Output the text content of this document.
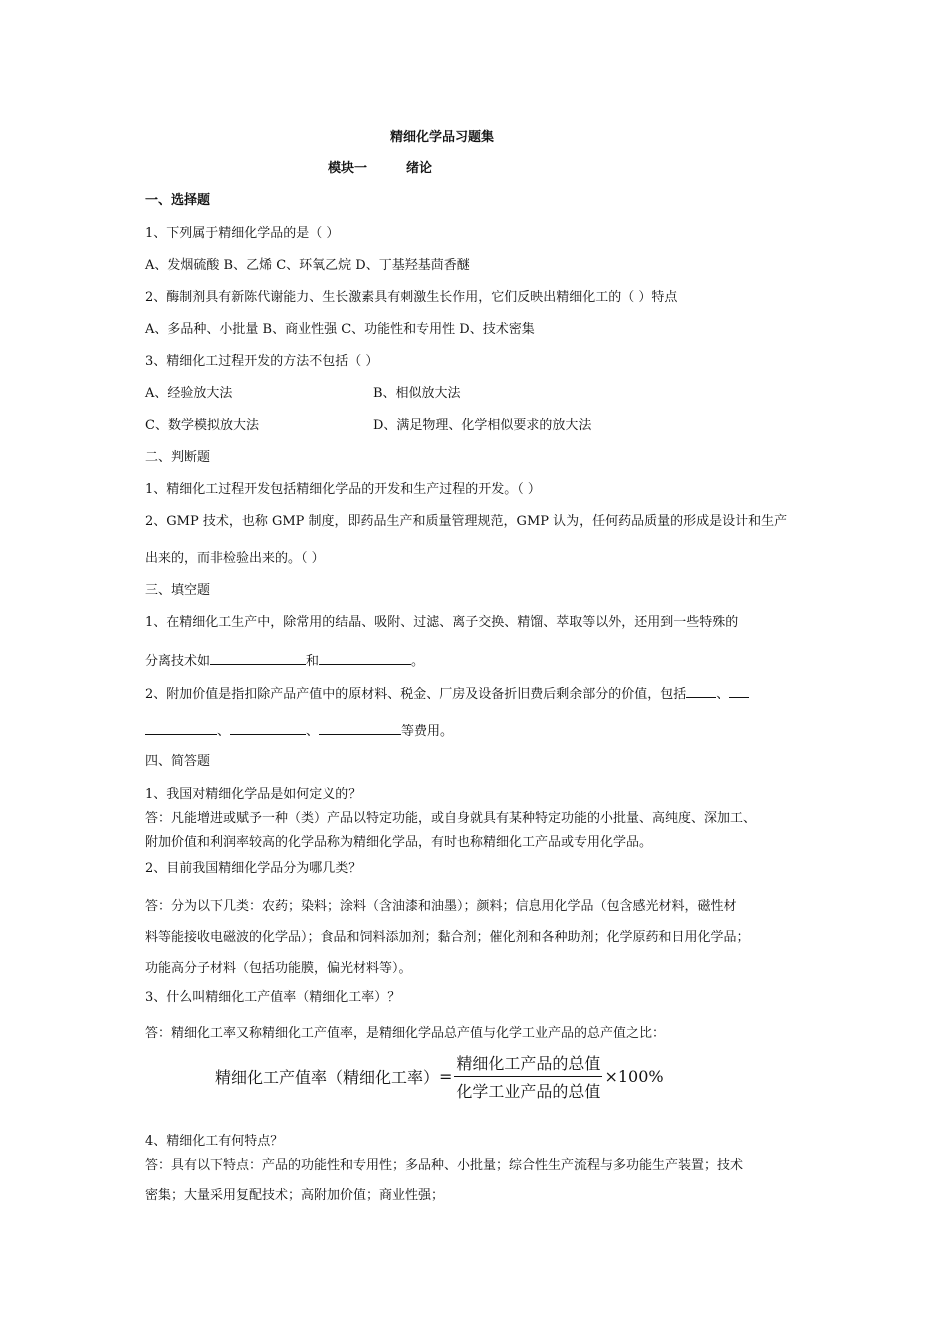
精细化学品习题集
模块一	绪论
一、选择题
1、下列属于精细化学品的是（ ）
A、发烟硫酸 B、乙烯 C、环氧乙烷 D、丁基羟基茴香醚
2、酶制剂具有新陈代谢能力、生长激素具有刺激生长作用，它们反映出精细化工的（ ）特点
A、多品种、小批量 B、商业性强 C、功能性和专用性 D、技术密集
3、精细化工过程开发的方法不包括（ ）
A、经验放大法	B、相似放大法
C、数学模拟放大法	D、满足物理、化学相似要求的放大法
二、判断题
1、精细化工过程开发包括精细化学品的开发和生产过程的开发。（ ）
2、GMP 技术，也称 GMP 制度，即药品生产和质量管理规范，GMP 认为，任何药品质量的形成是设计和生产
出来的，而非检验出来的。（ ）
三、填空题
1、在精细化工生产中，除常用的结晶、吸附、过滤、离子交换、精馏、萃取等以外，还用到一些特殊的
分离技术如	和	。
2、附加价值是指扣除产品产值中的原材料、税金、厂房及设备折旧费后剩余部分的价值，包括 、
、	、	等费用。
四、简答题
1、我国对精细化学品是如何定义的？
答：凡能增进或赋予一种（类）产品以特定功能，或自身就具有某种特定功能的小批量、高纯度、深加工、
附加价值和利润率较高的化学品称为精细化学品，有时也称精细化工产品或专用化学品。
2、目前我国精细化学品分为哪几类？
答：分为以下几类：农药；染料；涂料（含油漆和油墨）；颜料；信息用化学品（包含感光材料，磁性材
料等能接收电磁波的化学品）；食品和饲料添加剂；黏合剂；催化剂和各种助剂；化学原药和日用化学品；
功能高分子材料（包括功能膜，偏光材料等）。
3、什么叫精细化工产值率（精细化工率）？
答：精细化工率又称精细化工产值率，是精细化学品总产值与化学工业产品的总产值之比：
精细化工产值率（精细化工率） = $\frac{\text{精细化工产品的总值}}{\text{化学工业产品的总值}} \times 100\%$
4、精细化工有何特点？
答：具有以下特点：产品的功能性和专用性；多品种、小批量；综合性生产流程与多功能生产装置；技术
密集；大量采用复配技术；高附加价值；商业性强；
